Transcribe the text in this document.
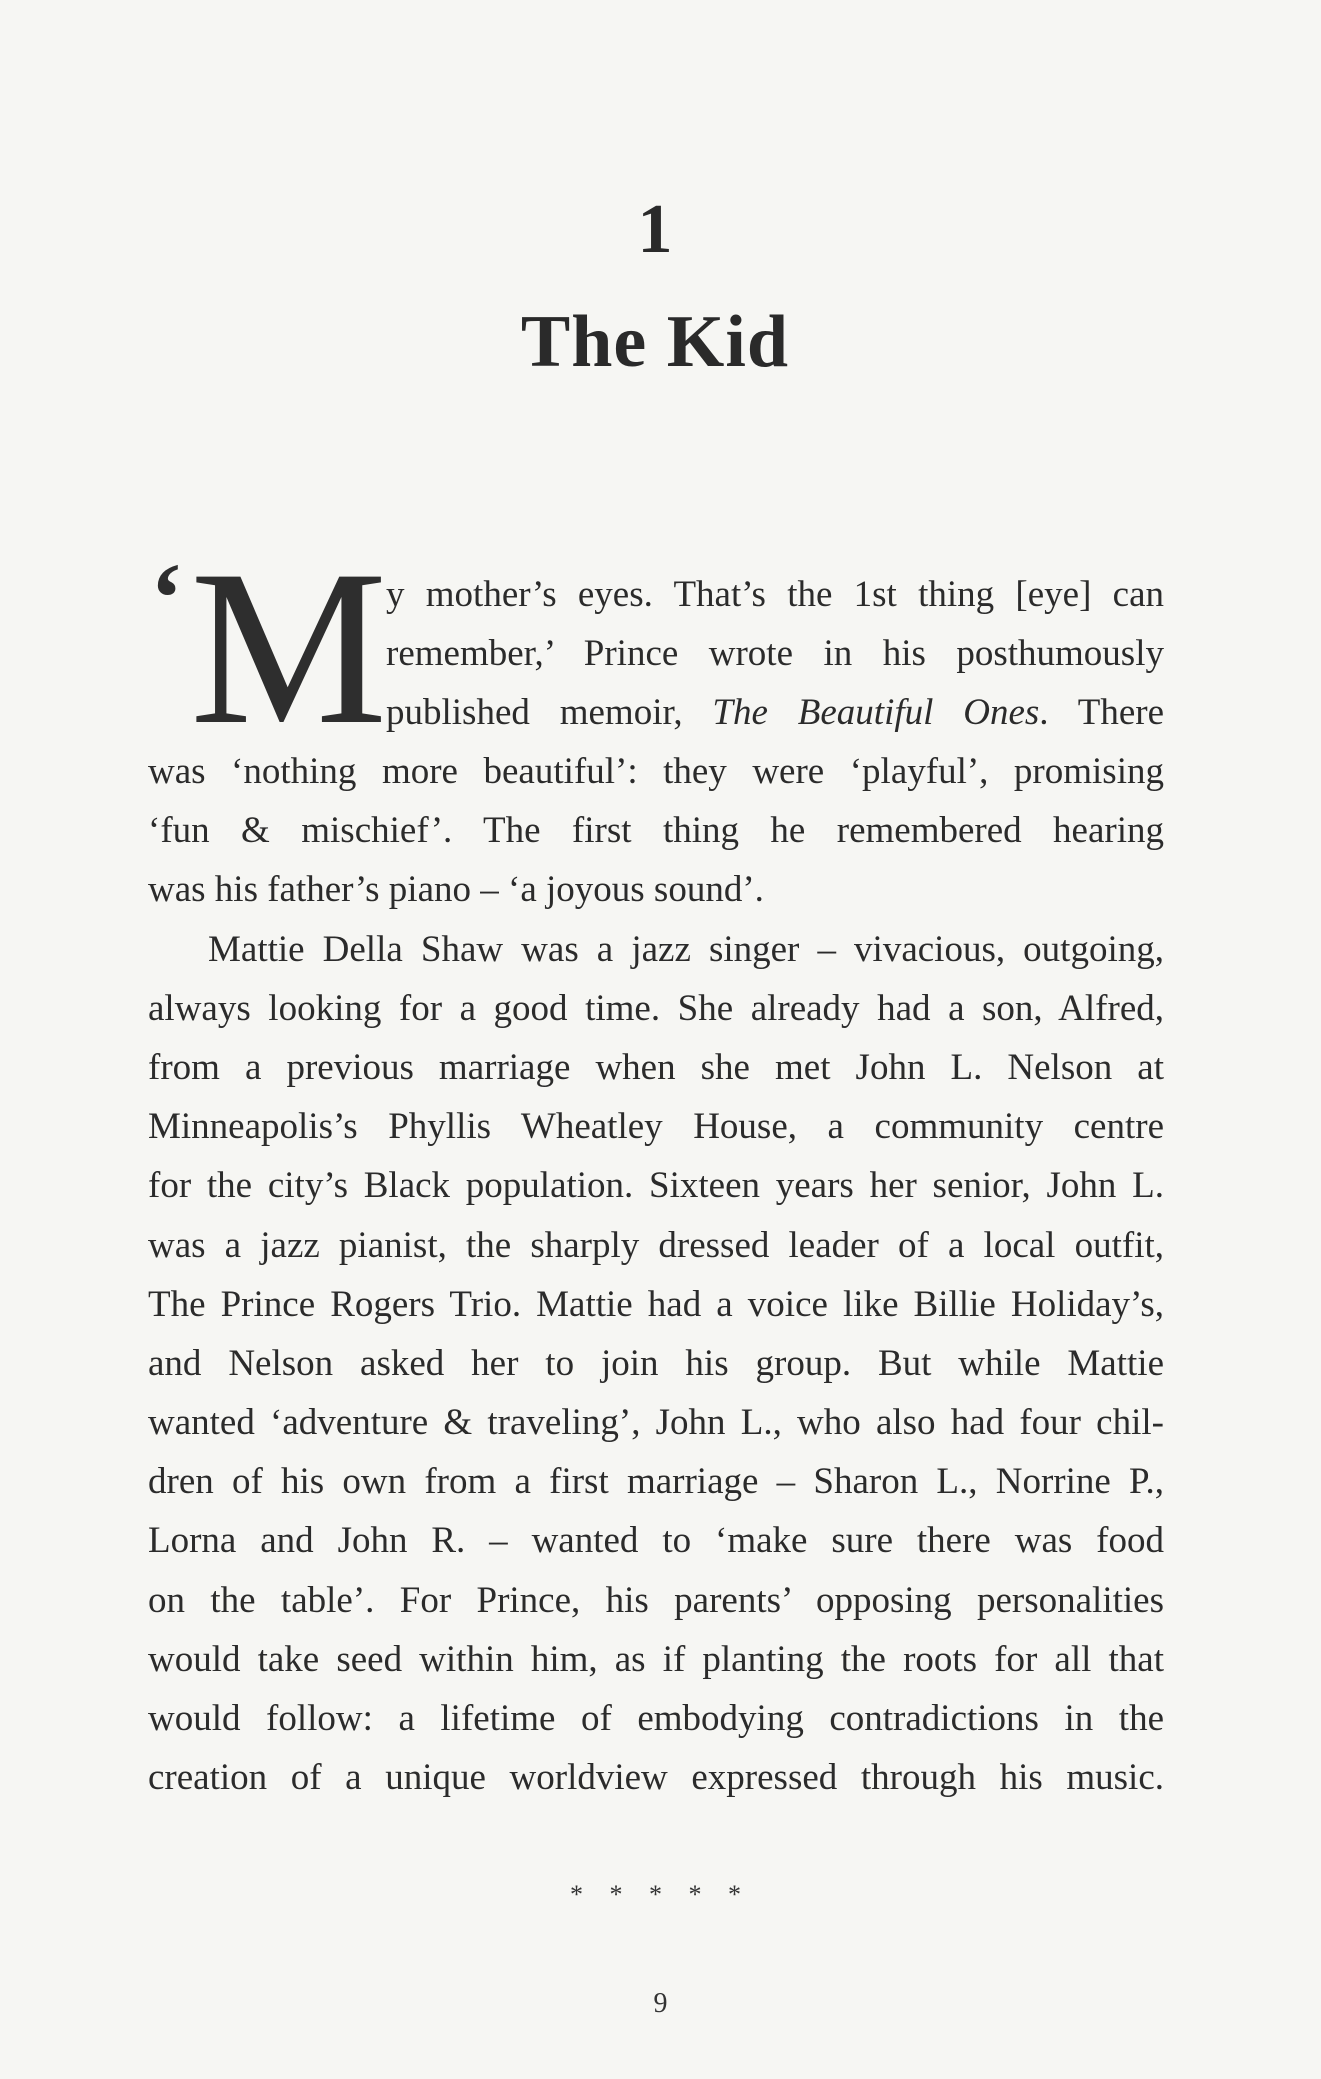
1
The Kid
‘ M
y mother’s eyes. That’s the 1st thing [eye] can
remember,’ Prince wrote in his posthumously
published memoir, The Beautiful Ones. There
was ‘nothing more beautiful’: they were ‘playful’, promising
‘fun & mischief’. The first thing he remembered hearing
was his father’s piano – ‘a joyous sound’.
Mattie Della Shaw was a jazz singer – vivacious, outgoing,
always looking for a good time. She already had a son, Alfred,
from a previous marriage when she met John L. Nelson at
Minneapolis’s Phyllis Wheatley House, a community centre
for the city’s Black population. Sixteen years her senior, John L.
was a jazz pianist, the sharply dressed leader of a local outfit,
The Prince Rogers Trio. Mattie had a voice like Billie Holiday’s,
and Nelson asked her to join his group. But while Mattie
wanted ‘adventure & traveling’, John L., who also had four chil-
dren of his own from a first marriage – Sharon L., Norrine P.,
Lorna and John R. – wanted to ‘make sure there was food
on the table’. For Prince, his parents’ opposing personalities
would take seed within him, as if planting the roots for all that
would follow: a lifetime of embodying contradictions in the
creation of a unique worldview expressed through his music.
* * * * *
9
